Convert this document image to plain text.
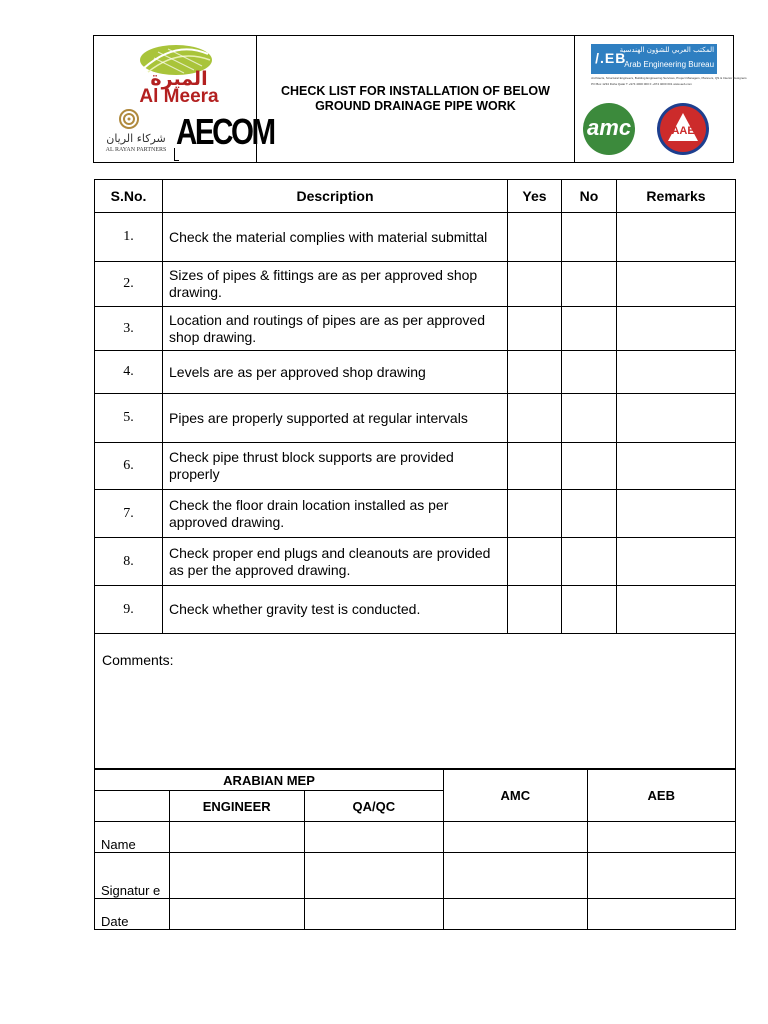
الميرة
Al Meera
شركاء الريان
AL RAYAN PARTNERS AECOM
	CHECK LIST FOR INSTALLATION OF BELOW GROUND DRAINAGE PIPE WORK	
/.EB
المكتب العربي للشؤون الهندسية
Arab Engineering Bureau
Architects, Structural Engineers, Building Engineering Services, Project Managers, Planners, QS & Interior Designers
PO Box 1234 Doha Qatar T +974 4000 000 F +974 4000 001 www.aeb.com
amc	AAE
S.No.	Description	Yes	No	Remarks
1.	Check the material complies with material submittal			
2.	Sizes of pipes & fittings are as per approved shop drawing.			
3.	Location and routings of pipes are as per approved shop drawing.			
4.	Levels are as per approved shop drawing			
5.	Pipes are properly supported at regular intervals			
6.	Check pipe thrust block supports are provided properly			
7.	Check the floor drain location installed as per approved drawing.			
8.	Check proper end plugs and cleanouts are provided as per the approved drawing.			
9.	Check whether gravity test is conducted.			
Comments:
ARABIAN MEP			AMC	AEB
	ENGINEER	QA/QC		
Name				
Signatur e				
Date				
